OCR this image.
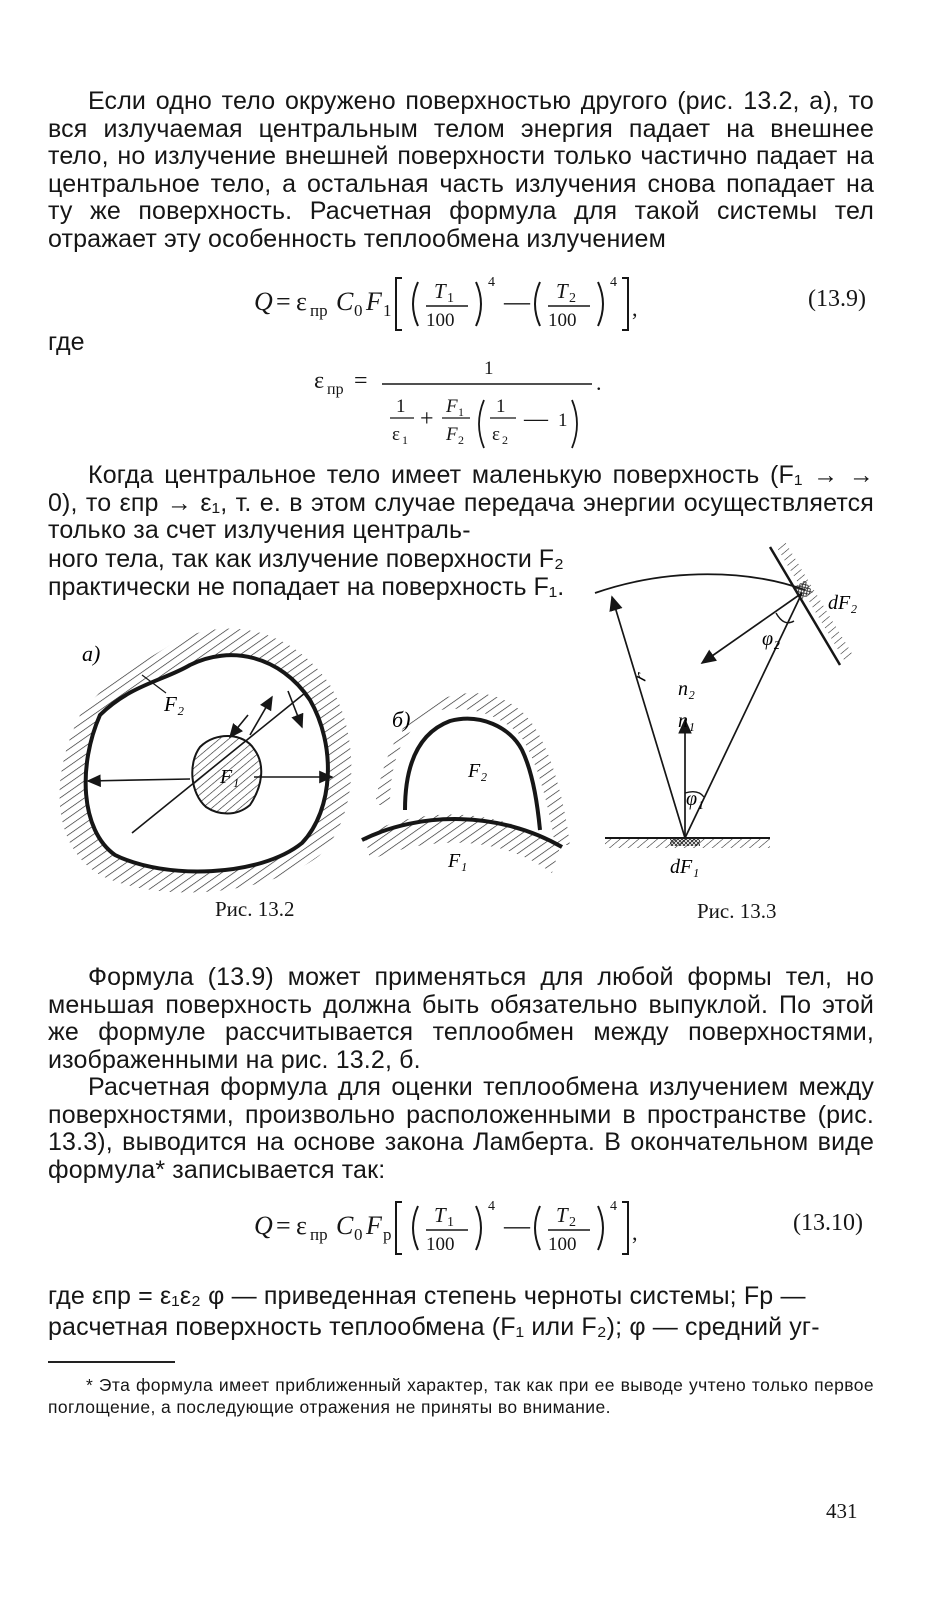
Если одно тело окружено поверхностью другого (рис. 13.2, а), то вся излучаемая центральным телом энергия падает на внешнее тело, но излучение внешней поверхности только частично падает на центральное тело, а остальная часть излучения снова попадает на ту же поверхность. Расчетная формула для такой системы тел отражает эту особенность теплообмена излучением
Q = ε пр C 0 F 1
T 1
100
4
— T 2
100
4
,	(13.9)
где
ε пр =	1
1
ε 1
+ F 1
F 2
1
ε 2
— 1
.
Когда центральное тело имеет маленькую поверхность (F₁ → → 0), то εпр → ε₁, т. е. в этом случае передача энергии осуществляется только за счет излучения централь-
ного тела, так как излучение поверхности F₂
практически не попадает на поверхность F₁.
а)
F₂
F₁
б)
F₂
F₁
Рис. 13.2
r
n₂
n₁
φ₁
φ₂
dF₂
dF₁
Рис. 13.3
Формула (13.9) может применяться для любой формы тел, но меньшая поверхность должна быть обязательно выпуклой. По этой же формуле рассчитывается теплообмен между поверхностями, изображенными на рис. 13.2, б.
Расчетная формула для оценки теплообмена излучением между поверхностями, произвольно расположенными в пространстве (рис. 13.3), выводится на основе закона Ламберта. В окончательном виде формула* записывается так:
Q = ε пр C 0 F р
T 1
100
4
— T 2
100
4
,	(13.10)
где εпр = ε₁ε₂ φ — приведенная степень черноты системы; Fр —
расчетная поверхность теплообмена (F₁ или F₂); φ — средний уг-
* Эта формула имеет приближенный характер, так как при ее выводе учтено только первое поглощение, а последующие отражения не приняты во внимание.
431
